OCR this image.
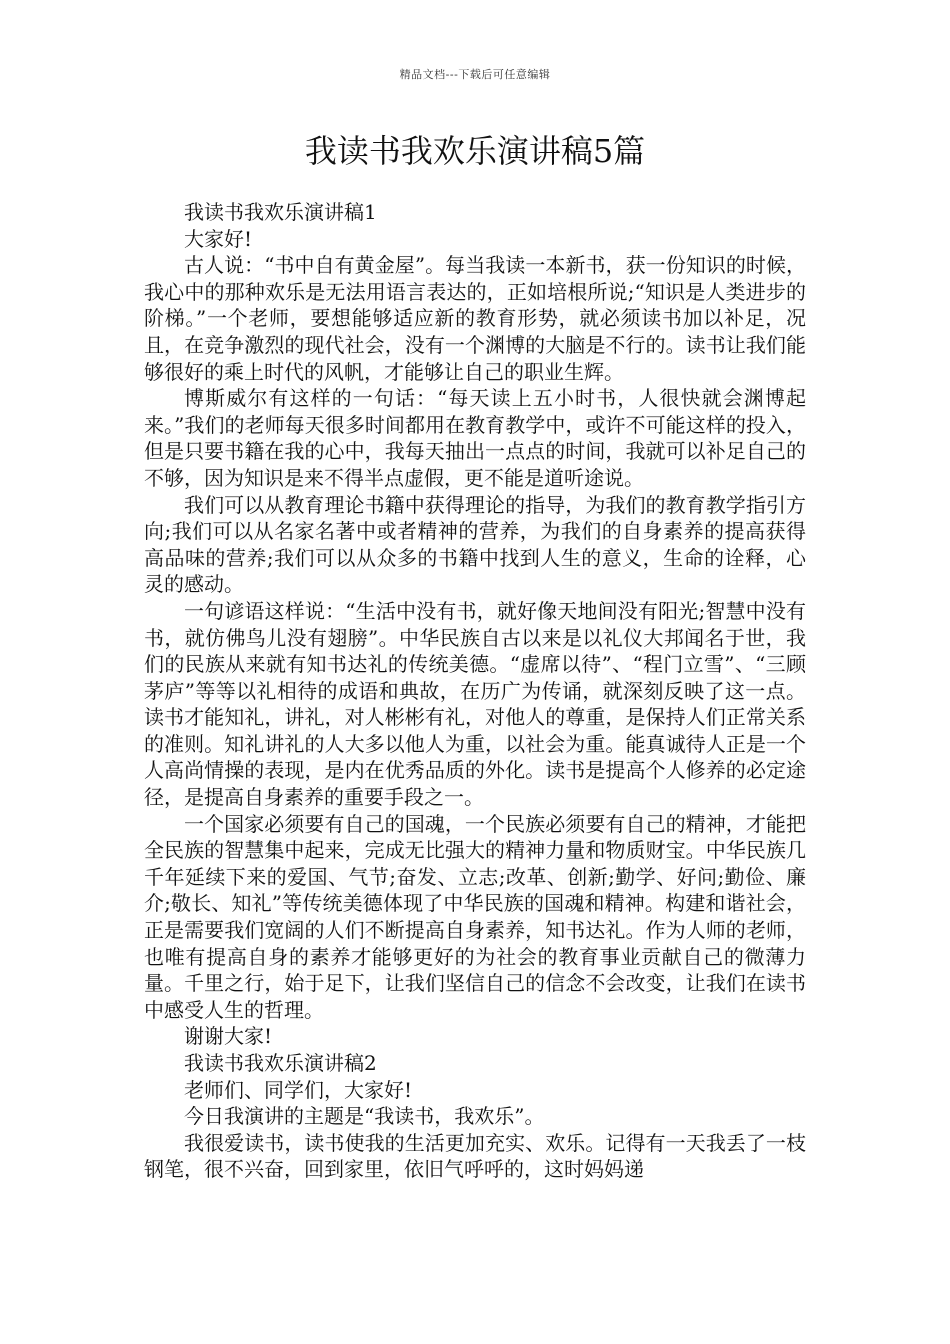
精品文档---下载后可任意编辑
我读书我欢乐演讲稿5篇

我读书我欢乐演讲稿1

大家好!

古人说：“书中自有黄金屋”。每当我读一本新书，获一份知识的时候，我心中的那种欢乐是无法用语言表达的，正如培根所说;“知识是人类进步的阶梯。”一个老师，要想能够适应新的教育形势，就必须读书加以补足，况且，在竞争激烈的现代社会，没有一个渊博的大脑是不行的。读书让我们能够很好的乘上时代的风帆，才能够让自己的职业生辉。

博斯威尔有这样的一句话：“每天读上五小时书，人很快就会渊博起来。”我们的老师每天很多时间都用在教育教学中，或许不可能这样的投入，但是只要书籍在我的心中，我每天抽出一点点的时间，我就可以补足自己的不够，因为知识是来不得半点虚假，更不能是道听途说。

我们可以从教育理论书籍中获得理论的指导，为我们的教育教学指引方向;我们可以从名家名著中或者精神的营养，为我们的自身素养的提高获得高品味的营养;我们可以从众多的书籍中找到人生的意义，生命的诠释，心灵的感动。

一句谚语这样说：“生活中没有书，就好像天地间没有阳光;智慧中没有书，就仿佛鸟儿没有翅膀”。中华民族自古以来是以礼仪大邦闻名于世，我们的民族从来就有知书达礼的传统美德。“虚席以待”、“程门立雪”、“三顾茅庐”等等以礼相待的成语和典故，在历广为传诵，就深刻反映了这一点。读书才能知礼，讲礼，对人彬彬有礼，对他人的尊重，是保持人们正常关系的准则。知礼讲礼的人大多以他人为重，以社会为重。能真诚待人正是一个人高尚情操的表现，是内在优秀品质的外化。读书是提高个人修养的必定途径，是提高自身素养的重要手段之一。

一个国家必须要有自己的国魂，一个民族必须要有自己的精神，才能把全民族的智慧集中起来，完成无比强大的精神力量和物质财宝。中华民族几千年延续下来的爱国、气节;奋发、立志;改革、创新;勤学、好问;勤俭、廉介;敬长、知礼”等传统美德体现了中华民族的国魂和精神。构建和谐社会，正是需要我们宽阔的人们不断提高自身素养，知书达礼。作为人师的老师，也唯有提高自身的素养才能够更好的为社会的教育事业贡献自己的微薄力量。千里之行，始于足下，让我们坚信自己的信念不会改变，让我们在读书中感受人生的哲理。

谢谢大家!

我读书我欢乐演讲稿2

老师们、同学们，大家好!

今日我演讲的主题是“我读书，我欢乐”。

我很爱读书，读书使我的生活更加充实、欢乐。记得有一天我丢了一枝钢笔，很不兴奋，回到家里，依旧气呼呼的，这时妈妈递
